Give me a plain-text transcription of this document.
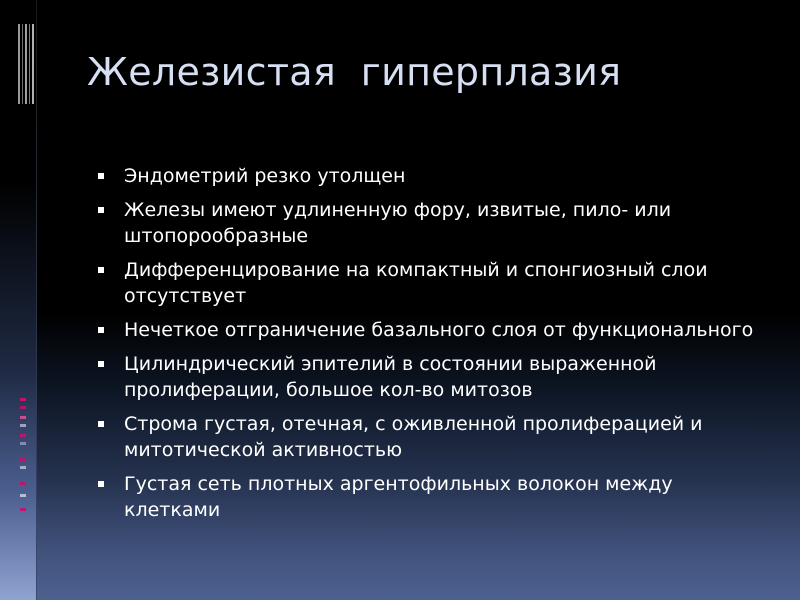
Железистая  гиперплазия
Эндометрий резко утолщен
Железы имеют удлиненную фору, извитые, пило- или штопорообразные
Дифференцирование на компактный и спонгиозный слои отсутствует
Нечеткое отграничение базального слоя от функционального
Цилиндрический эпителий в состоянии выраженной пролиферации, большое кол-во митозов
Строма густая, отечная, с оживленной пролиферацией и митотической активностью
Густая сеть плотных аргентофильных волокон между клетками
